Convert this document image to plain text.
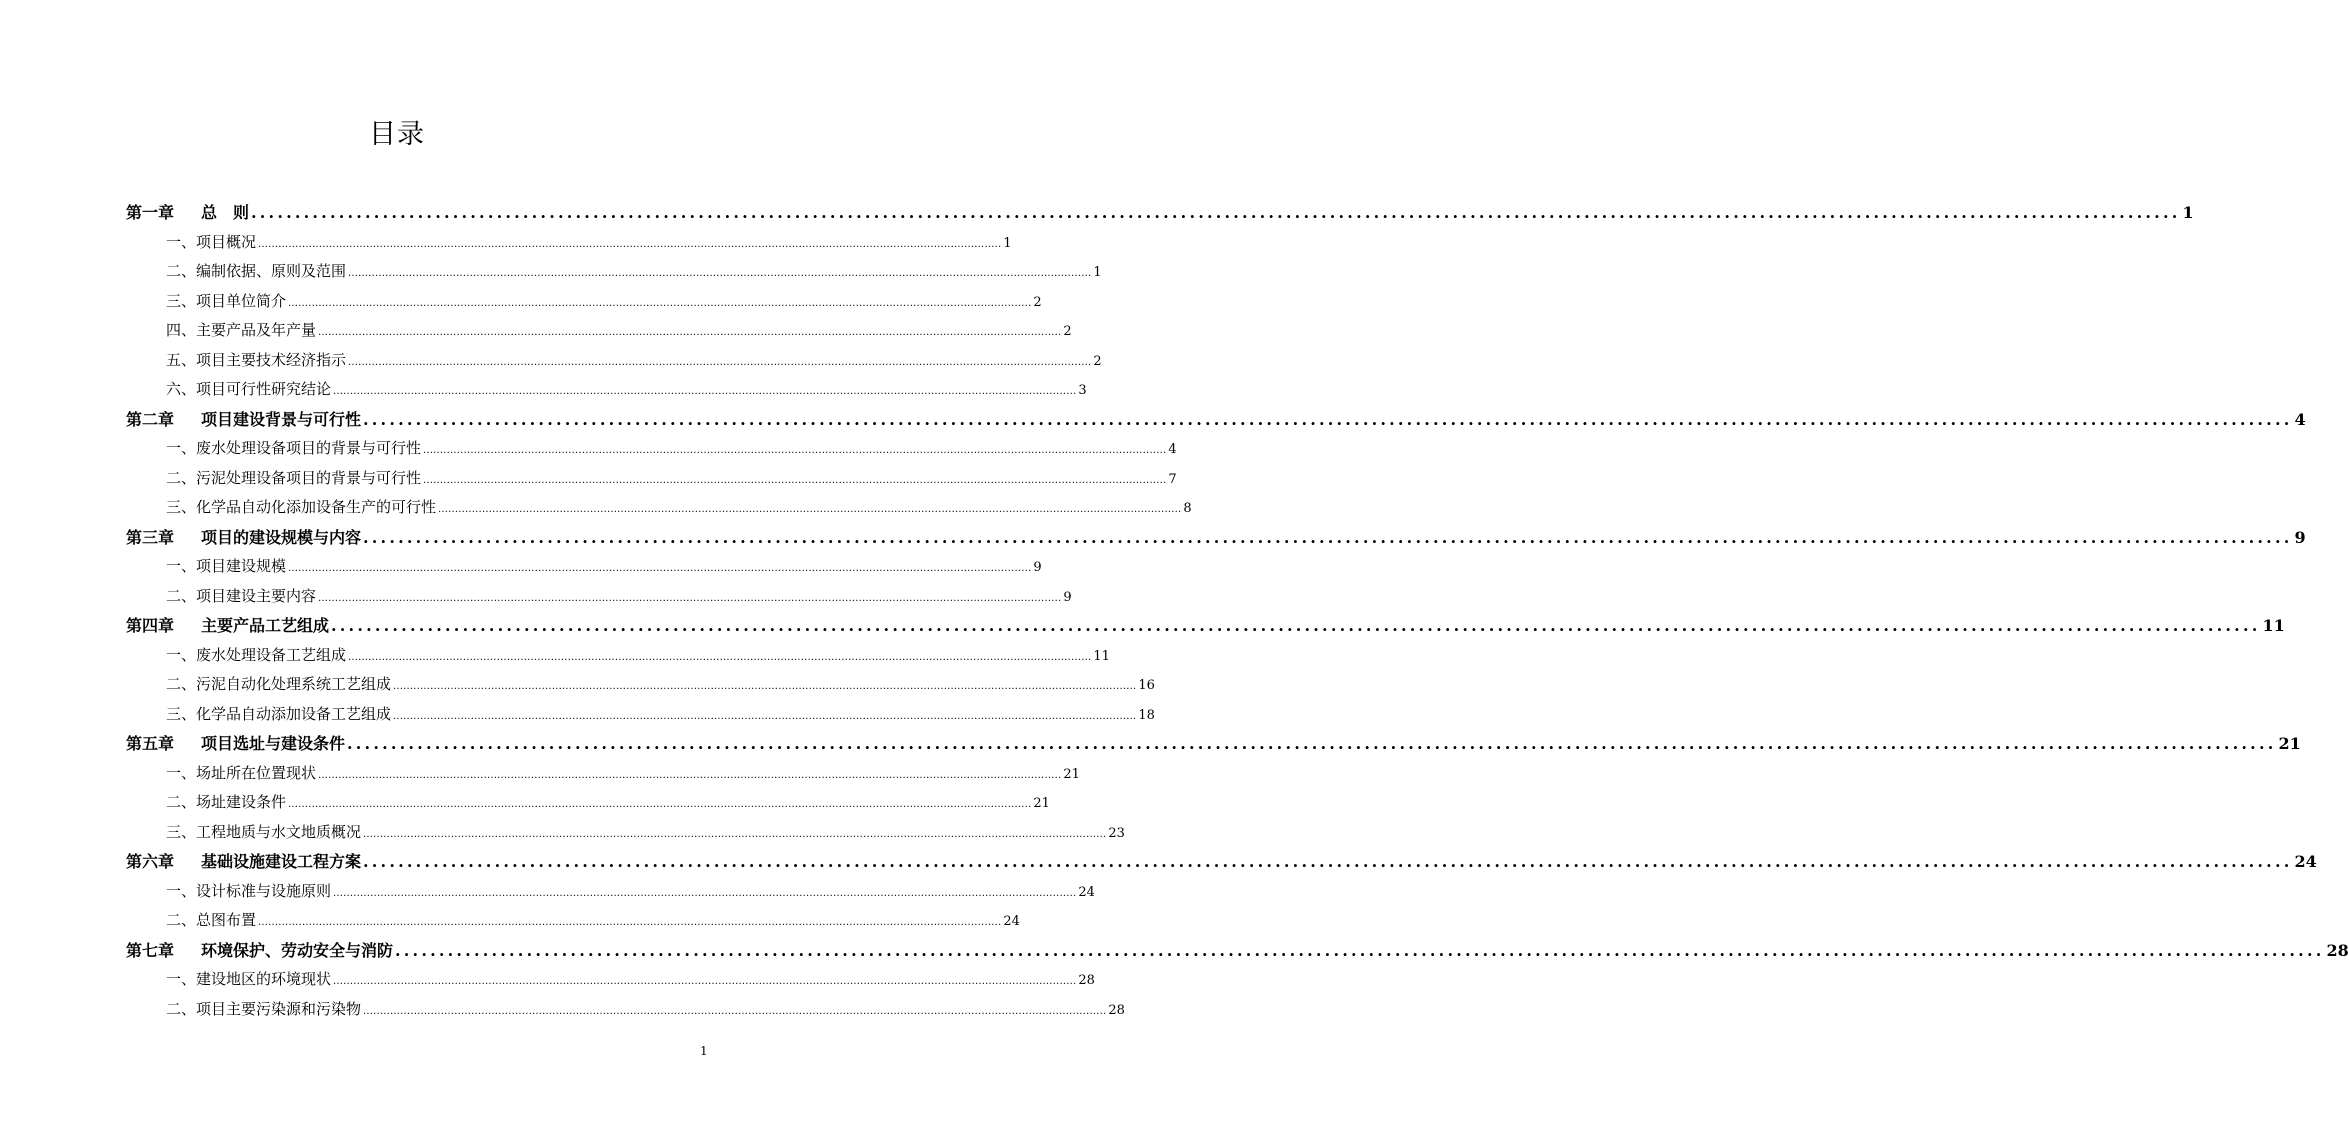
目录
第一章 总　则 ............................................................................................................................................................................................................................ 1
一、项目概况 ............................................................................................................................................................................................................................ 1
二、编制依据、原则及范围 ............................................................................................................................................................................................................................ 1
三、项目单位简介 ............................................................................................................................................................................................................................ 2
四、主要产品及年产量 ............................................................................................................................................................................................................................ 2
五、项目主要技术经济指示 ............................................................................................................................................................................................................................ 2
六、项目可行性研究结论 ............................................................................................................................................................................................................................ 3
第二章 项目建设背景与可行性 ............................................................................................................................................................................................................................ 4
一、废水处理设备项目的背景与可行性 ............................................................................................................................................................................................................................ 4
二、污泥处理设备项目的背景与可行性 ............................................................................................................................................................................................................................ 7
三、化学品自动化添加设备生产的可行性 ............................................................................................................................................................................................................................ 8
第三章 项目的建设规模与内容 ............................................................................................................................................................................................................................ 9
一、项目建设规模 ............................................................................................................................................................................................................................ 9
二、项目建设主要内容 ............................................................................................................................................................................................................................ 9
第四章 主要产品工艺组成 ............................................................................................................................................................................................................................ 11
一、废水处理设备工艺组成 ............................................................................................................................................................................................................................ 11
二、污泥自动化处理系统工艺组成 ............................................................................................................................................................................................................................ 16
三、化学品自动添加设备工艺组成 ............................................................................................................................................................................................................................ 18
第五章 项目选址与建设条件 ............................................................................................................................................................................................................................ 21
一、场址所在位置现状 ............................................................................................................................................................................................................................ 21
二、场址建设条件 ............................................................................................................................................................................................................................ 21
三、工程地质与水文地质概况 ............................................................................................................................................................................................................................ 23
第六章 基础设施建设工程方案 ............................................................................................................................................................................................................................ 24
一、设计标准与设施原则 ............................................................................................................................................................................................................................ 24
二、总图布置 ............................................................................................................................................................................................................................ 24
第七章 环境保护、劳动安全与消防 ............................................................................................................................................................................................................................ 28
一、建设地区的环境现状 ............................................................................................................................................................................................................................ 28
二、项目主要污染源和污染物 ............................................................................................................................................................................................................................ 28
1
